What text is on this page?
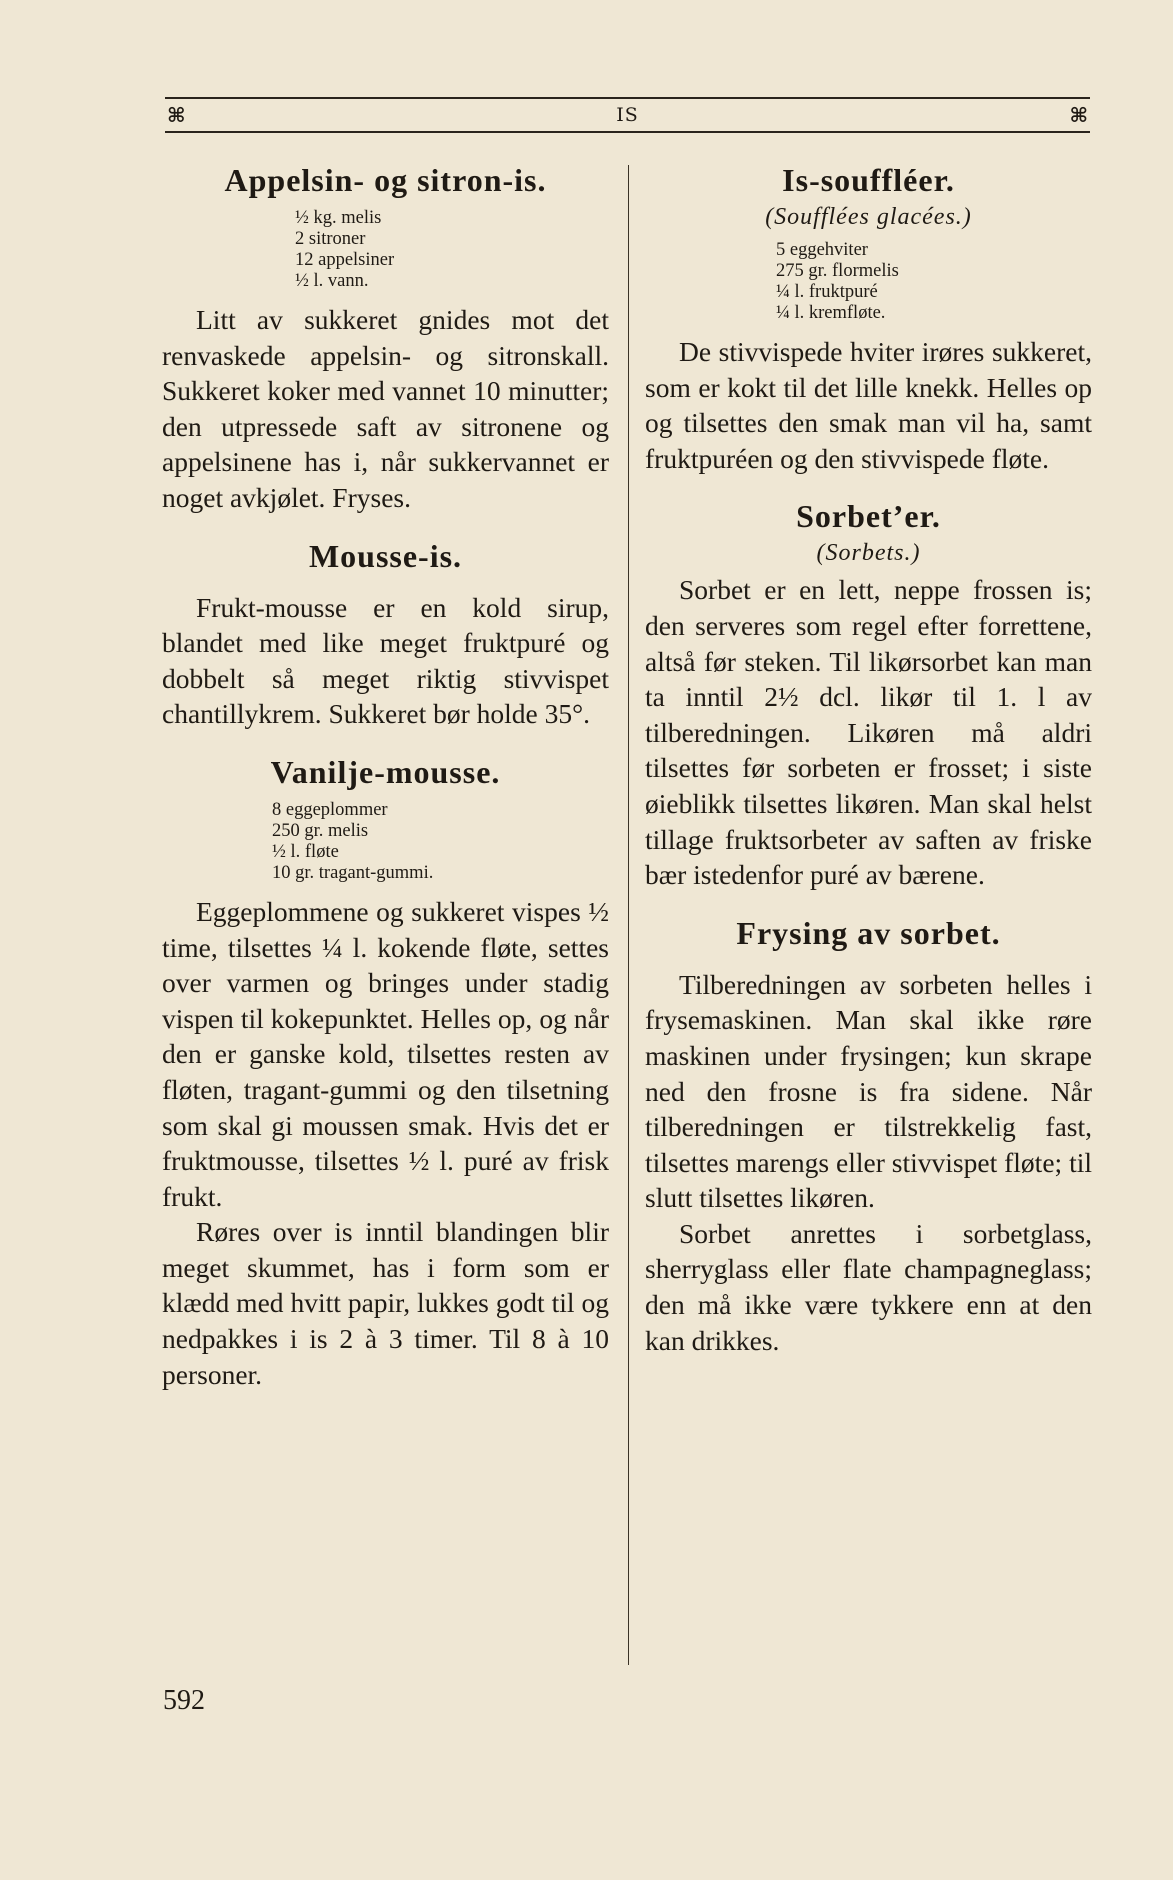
⌘	IS	⌘
Appelsin- og sitron-is.
½ kg. melis
2 sitroner
12 appelsiner
½ l. vann.

Litt av sukkeret gnides mot det renvaskede appelsin- og sitronskall. Sukkeret koker med vannet 10 minutter; den utpressede saft av sitronene og appelsinene has i, når sukkervannet er noget avkjølet. Fryses.

Mousse-is.

Frukt-mousse er en kold sirup, blandet med like meget fruktpuré og dobbelt så meget riktig stivvispet chantillykrem. Sukkeret bør holde 35°.

Vanilje-mousse.
8 eggeplommer
250 gr. melis
½ l. fløte
10 gr. tragant-gummi.

Eggeplommene og sukkeret vispes ½ time, tilsettes ¼ l. kokende fløte, settes over varmen og bringes under stadig vispen til kokepunktet. Helles op, og når den er ganske kold, tilsettes resten av fløten, tragant-gummi og den tilsetning som skal gi moussen smak. Hvis det er fruktmousse, tilsettes ½ l. puré av frisk frukt.

Røres over is inntil blandingen blir meget skummet, has i form som er klædd med hvitt papir, lukkes godt til og nedpakkes i is 2 à 3 timer. Til 8 à 10 personer.

Is-souffléer.
(Soufflées glacées.)
5 eggehviter
275 gr. flormelis
¼ l. fruktpuré
¼ l. kremfløte.

De stivvispede hviter irøres sukkeret, som er kokt til det lille knekk. Helles op og tilsettes den smak man vil ha, samt fruktpuréen og den stivvispede fløte.

Sorbet’er.
(Sorbets.)

Sorbet er en lett, neppe frossen is; den serveres som regel efter forrettene, altså før steken. Til likørsorbet kan man ta inntil 2½ dcl. likør til 1. l av tilberedningen. Likøren må aldri tilsettes før sorbeten er frosset; i siste øieblikk tilsettes likøren. Man skal helst tillage fruktsorbeter av saften av friske bær istedenfor puré av bærene.

Frysing av sorbet.

Tilberedningen av sorbeten helles i frysemaskinen. Man skal ikke røre maskinen under frysingen; kun skrape ned den frosne is fra sidene. Når tilberedningen er tilstrekkelig fast, tilsettes marengs eller stivvispet fløte; til slutt tilsettes likøren.

Sorbet anrettes i sorbetglass, sherryglass eller flate champagneglass; den må ikke være tykkere enn at den kan drikkes.

592
